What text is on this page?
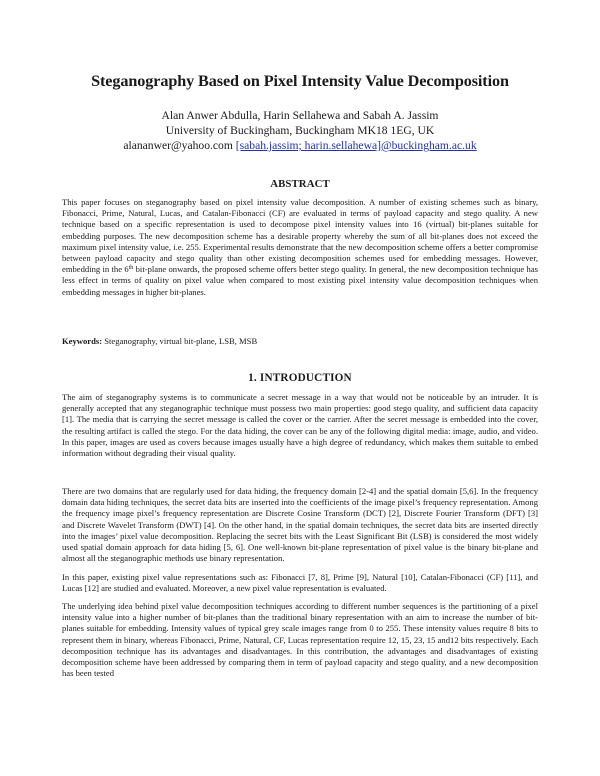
Steganography Based on Pixel Intensity Value Decomposition
Alan Anwer Abdulla, Harin Sellahewa and Sabah A. Jassim
University of Buckingham, Buckingham MK18 1EG, UK
alananwer@yahoo.com [sabah.jassim; harin.sellahewa]@buckingham.ac.uk
ABSTRACT
This paper focuses on steganography based on pixel intensity value decomposition. A number of existing schemes such as binary, Fibonacci, Prime, Natural, Lucas, and Catalan-Fibonacci (CF) are evaluated in terms of payload capacity and stego quality. A new technique based on a specific representation is used to decompose pixel intensity values into 16 (virtual) bit-planes suitable for embedding purposes. The new decomposition scheme has a desirable property whereby the sum of all bit-planes does not exceed the maximum pixel intensity value, i.e. 255. Experimental results demonstrate that the new decomposition scheme offers a better compromise between payload capacity and stego quality than other existing decomposition schemes used for embedding messages. However, embedding in the 6th bit-plane onwards, the proposed scheme offers better stego quality. In general, the new decomposition technique has less effect in terms of quality on pixel value when compared to most existing pixel intensity value decomposition techniques when embedding messages in higher bit-planes.
Keywords: Steganography, virtual bit-plane, LSB, MSB
1. INTRODUCTION
The aim of steganography systems is to communicate a secret message in a way that would not be noticeable by an intruder. It is generally accepted that any steganographic technique must possess two main properties: good stego quality, and sufficient data capacity [1]. The media that is carrying the secret message is called the cover or the carrier. After the secret message is embedded into the cover, the resulting artifact is called the stego. For the data hiding, the cover can be any of the following digital media: image, audio, and video. In this paper, images are used as covers because images usually have a high degree of redundancy, which makes them suitable to embed information without degrading their visual quality.
There are two domains that are regularly used for data hiding, the frequency domain [2-4] and the spatial domain [5,6]. In the frequency domain data hiding techniques, the secret data bits are inserted into the coefficients of the image pixel’s frequency representation. Among the frequency image pixel’s frequency representation are Discrete Cosine Transform (DCT) [2], Discrete Fourier Transform (DFT) [3] and Discrete Wavelet Transform (DWT) [4]. On the other hand, in the spatial domain techniques, the secret data bits are inserted directly into the images’ pixel value decomposition. Replacing the secret bits with the Least Significant Bit (LSB) is considered the most widely used spatial domain approach for data hiding [5, 6]. One well-known bit-plane representation of pixel value is the binary bit-plane and almost all the steganographic methods use binary representation.
In this paper, existing pixel value representations such as: Fibonacci [7, 8], Prime [9], Natural [10], Catalan-Fibonacci (CF) [11], and Lucas [12] are studied and evaluated. Moreover, a new pixel value representation is evaluated.
The underlying idea behind pixel value decomposition techniques according to different number sequences is the partitioning of a pixel intensity value into a higher number of bit-planes than the traditional binary representation with an aim to increase the number of bit-planes suitable for embedding. Intensity values of typical grey scale images range from 0 to 255. These intensity values require 8 bits to represent them in binary, whereas Fibonacci, Prime, Natural, CF, Lucas representation require 12, 15, 23, 15 and12 bits respectively. Each decomposition technique has its advantages and disadvantages. In this contribution, the advantages and disadvantages of existing decomposition scheme have been addressed by comparing them in term of payload capacity and stego quality, and a new decomposition has been tested
